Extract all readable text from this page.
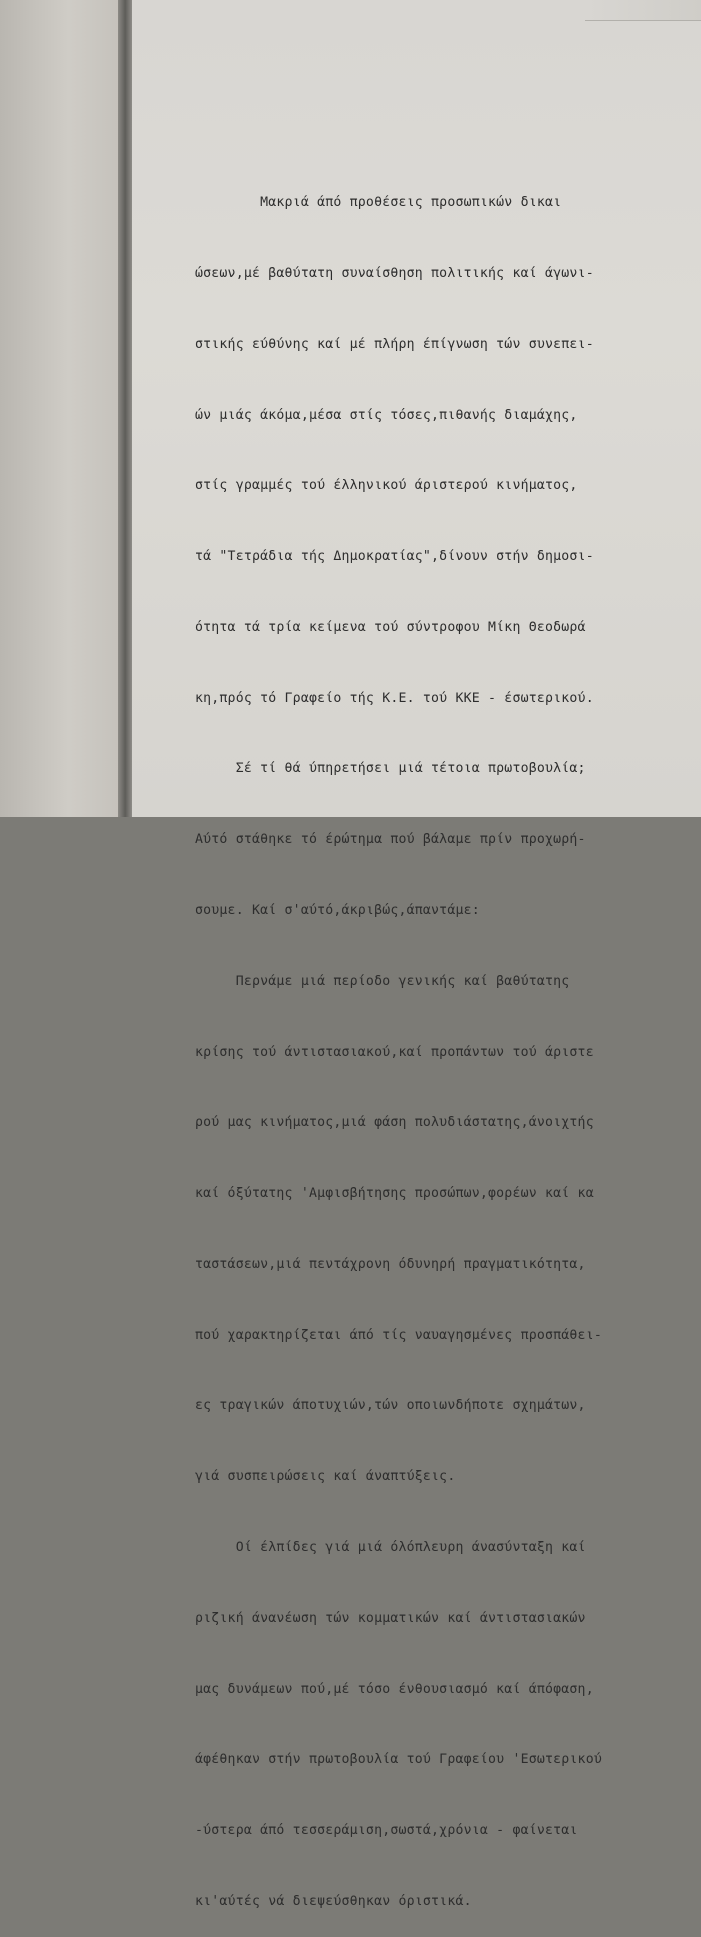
Μακριά άπό προθέσεις προσωπικών δικαι

ώσεων,μέ βαθύτατη συναίσθηση πολιτικής καί άγωνι-

στικής εύθύνης καί μέ πλήρη έπίγνωση τών συνεπει-

ών μιάς άκόμα,μέσα στίς τόσες,πιθανής διαμάχης,

στίς γραμμές τού έλληνικού άριστερού κινήματος,

τά "Τετράδια τής Δημοκρατίας",δίνουν στήν δημοσι-

ότητα τά τρία κείμενα τού σύντροφου Μίκη Θεοδωρά

κη,πρός τό Γραφείο τής Κ.Ε. τού ΚΚΕ - έσωτερικού.

Σέ τί θά ύπηρετήσει μιά τέτοια πρωτοβουλία;

Αύτό στάθηκε τό έρώτημα πού βάλαμε πρίν προχωρή-

σουμε. Καί σ'αύτό,άκριβώς,άπαντάμε:

Περνάμε μιά περίοδο γενικής καί βαθύτατης

κρίσης τού άντιστασιακού,καί προπάντων τού άριστε

ρού μας κινήματος,μιά φάση πολυδιάστατης,άνοιχτής

καί όξύτατης 'Αμφισβήτησης προσώπων,φορέων καί κα

ταστάσεων,μιά πεντάχρονη όδυνηρή πραγματικότητα,

πού χαρακτηρίζεται άπό τίς ναυαγησμένες προσπάθει-

ες τραγικών άποτυχιών,τών οποιωνδήποτε σχημάτων,

γιά συσπειρώσεις καί άναπτύξεις.

Οί έλπίδες γιά μιά όλόπλευρη άνασύνταξη καί

ριζική άνανέωση τών κομματικών καί άντιστασιακών

μας δυνάμεων πού,μέ τόσο ένθουσιασμό καί άπόφαση,

άφέθηκαν στήν πρωτοβουλία τού Γραφείου 'Εσωτερικού

-ύστερα άπό τεσσεράμιση,σωστά,χρόνια - φαίνεται

κι'αύτές νά διεψεύσθηκαν όριστικά.
